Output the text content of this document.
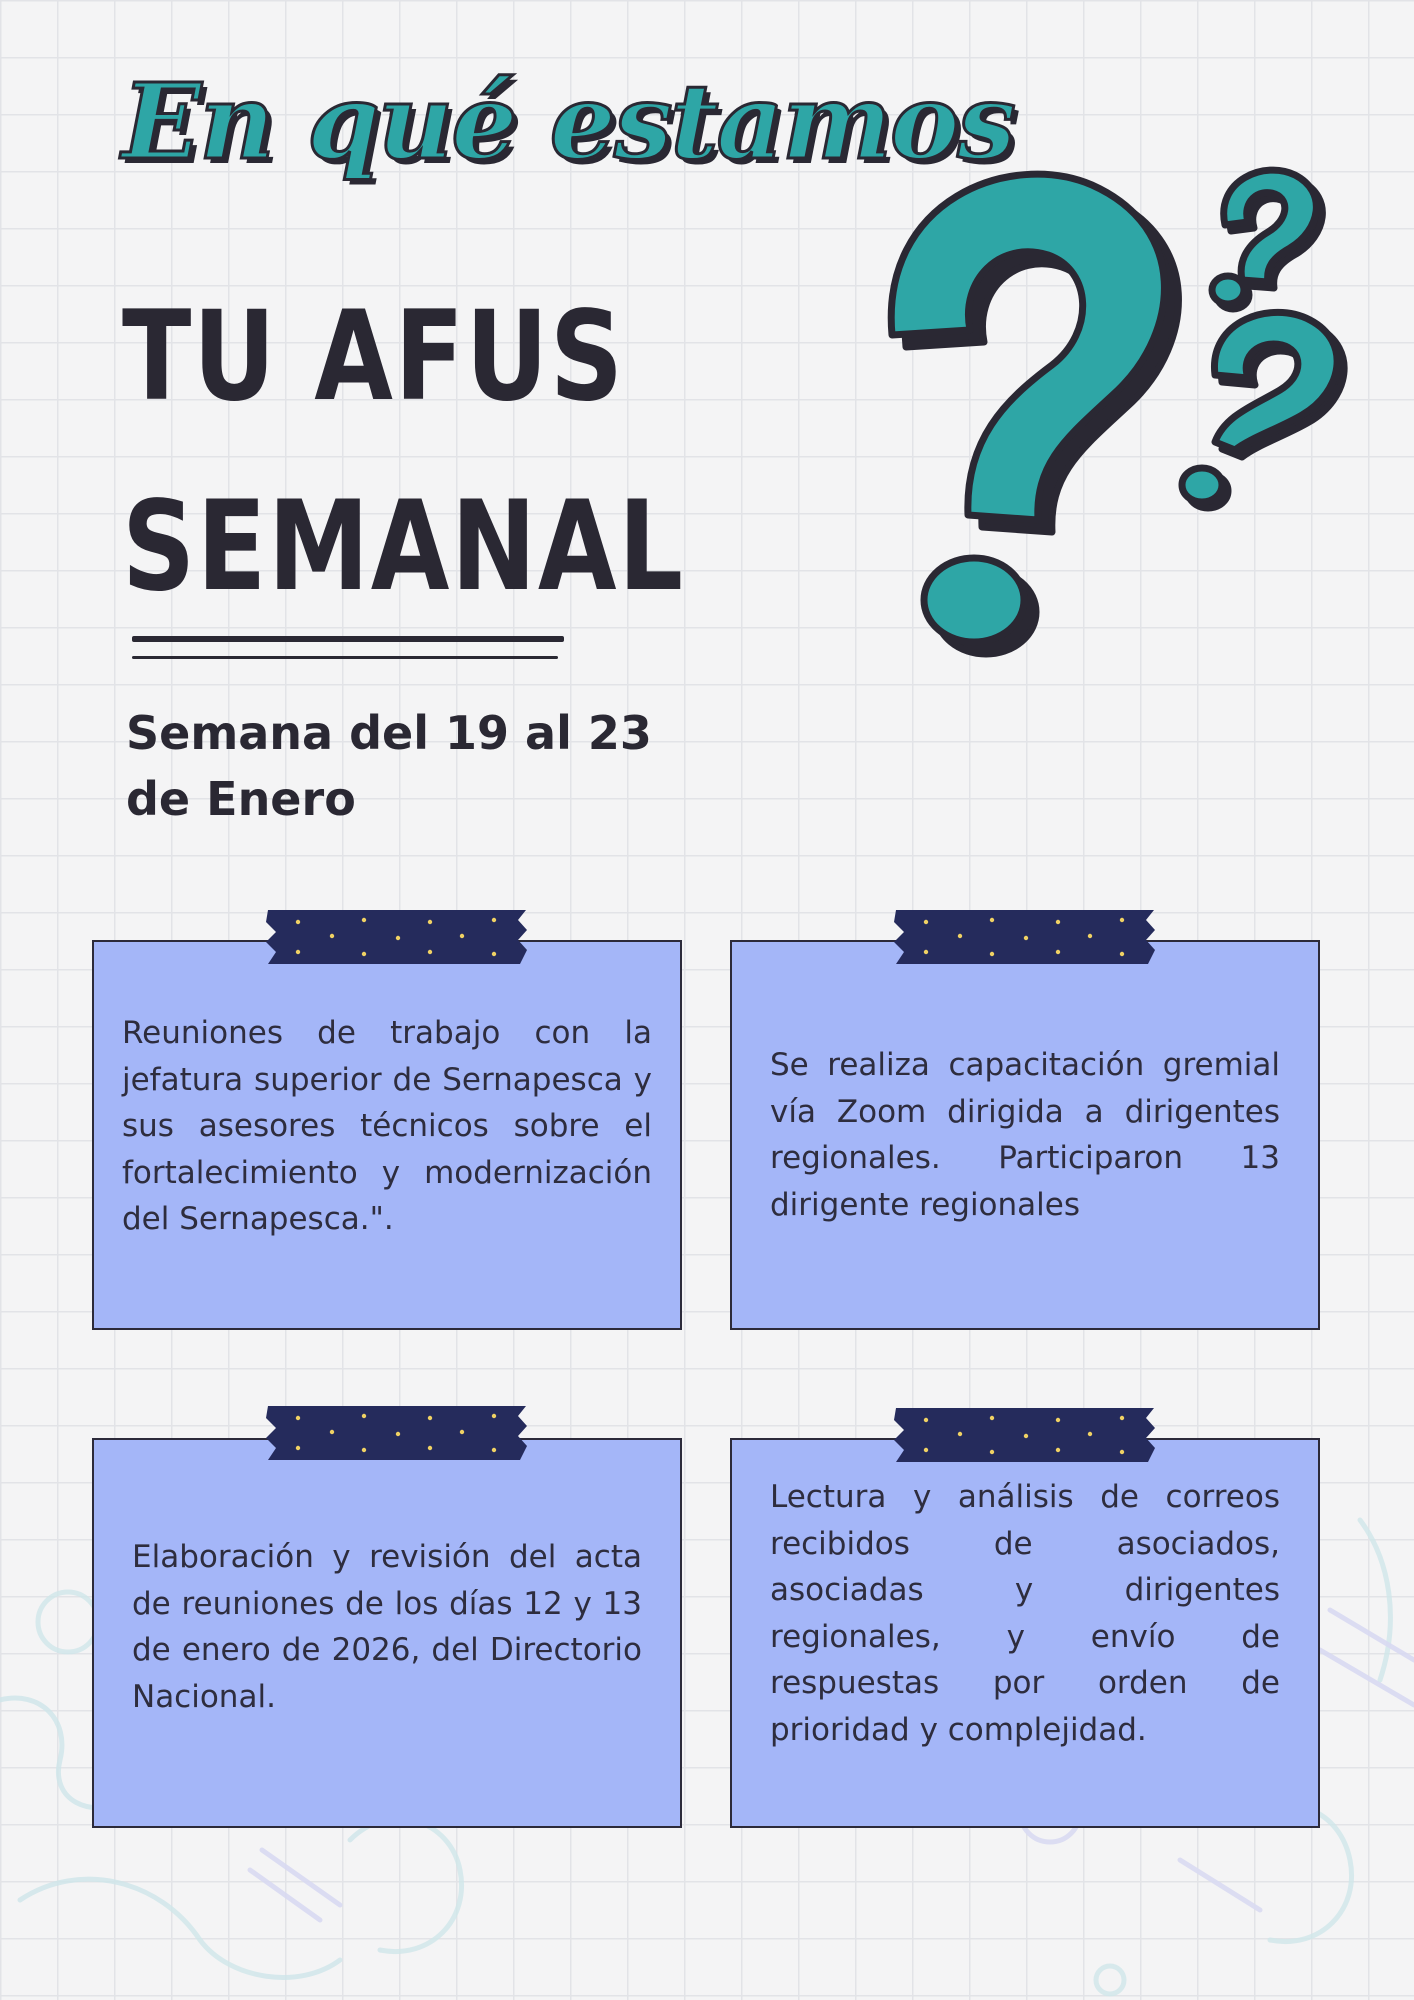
En qué estamos
TU AFUS
SEMANAL

Semana del 19 al 23 de Enero

Reuniones de trabajo con la jefatura superior de Sernapesca y sus asesores técnicos sobre el fortalecimiento y modernización del Sernapesca.".

Se realiza capacitación gremial vía Zoom dirigida a dirigentes regionales. Participaron 13 dirigente regionales

Elaboración y revisión del acta de reuniones de los días 12 y 13 de enero de 2026, del Directorio Nacional.

Lectura y análisis de correos recibidos de asociados, asociadas y dirigentes regionales, y envío de respuestas por orden de prioridad y complejidad.
